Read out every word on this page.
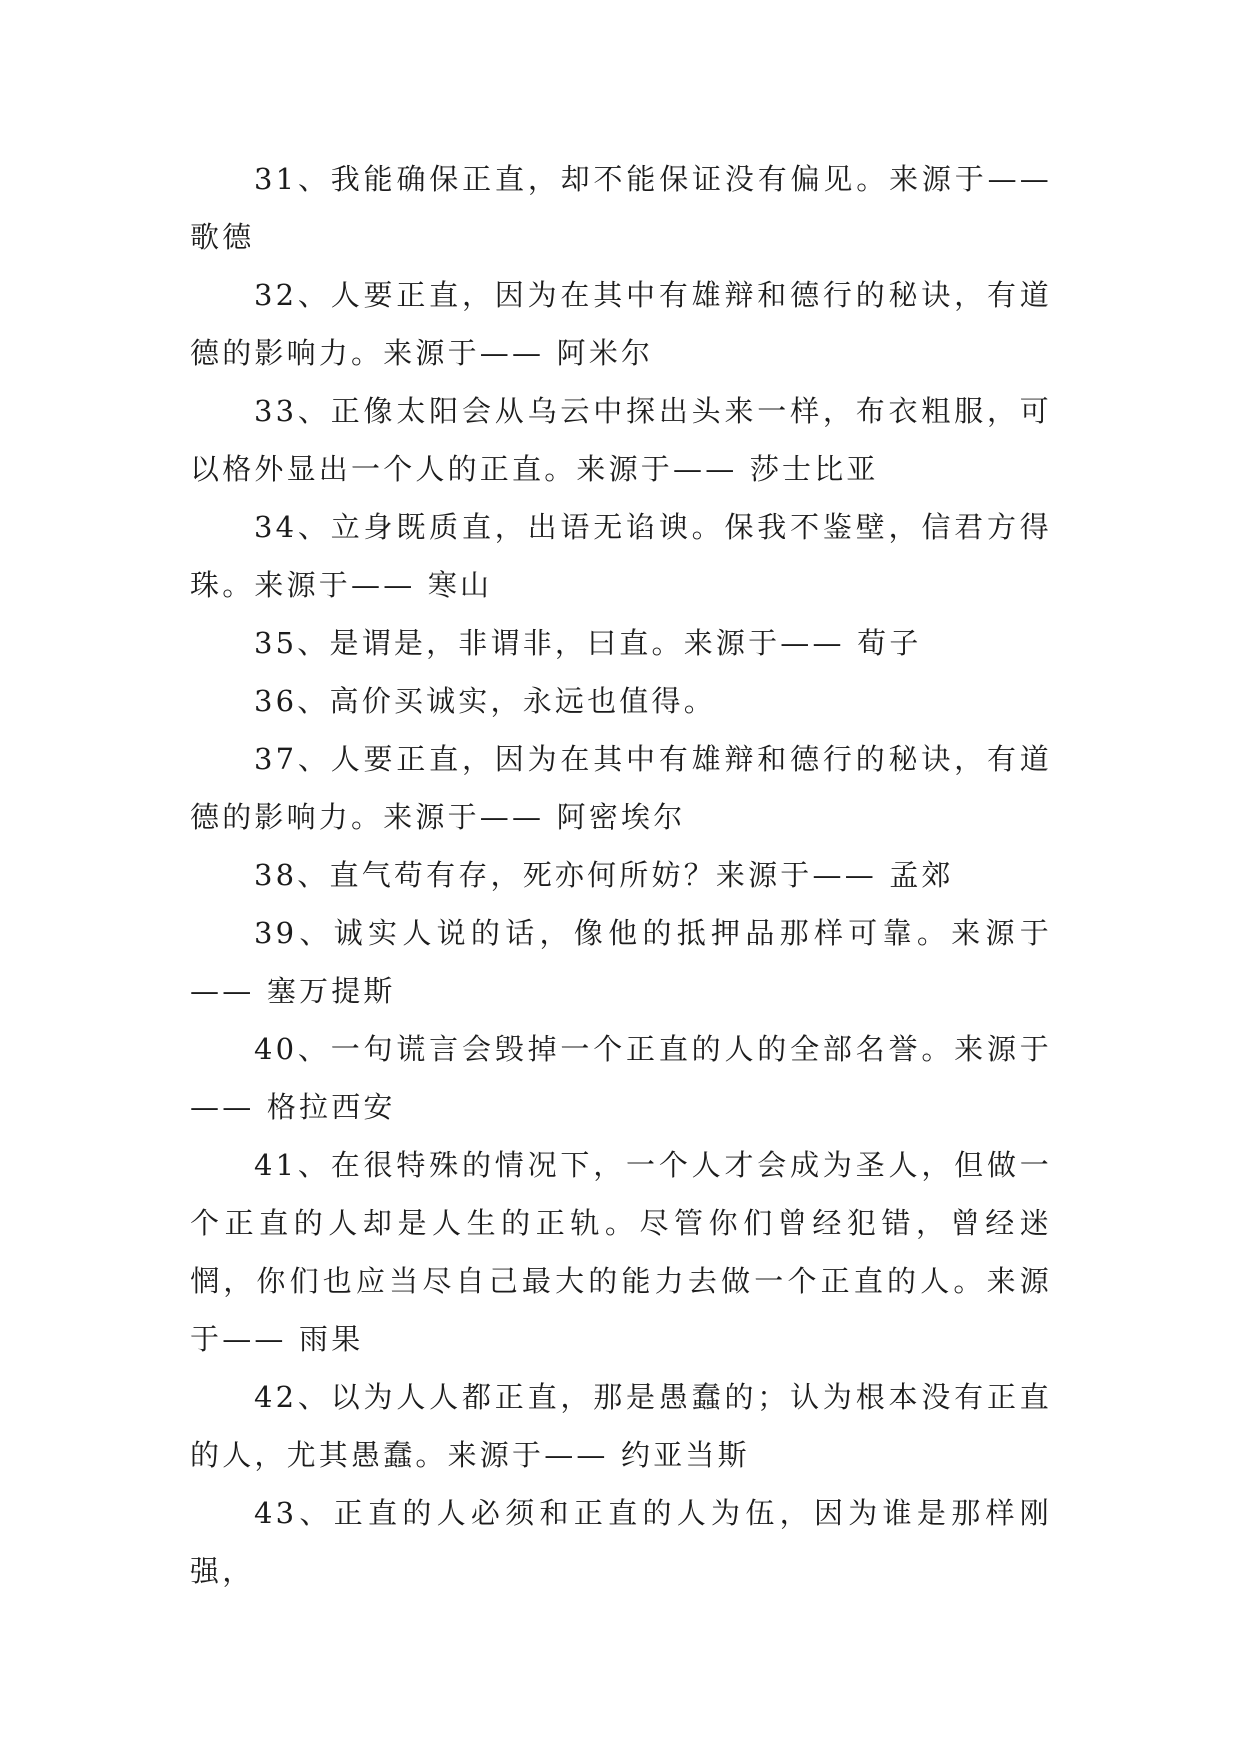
31、我能确保正直，却不能保证没有偏见。来源于—— 歌德

32、人要正直，因为在其中有雄辩和德行的秘诀，有道德的影响力。来源于—— 阿米尔

33、正像太阳会从乌云中探出头来一样，布衣粗服，可以格外显出一个人的正直。来源于—— 莎士比亚

34、立身既质直，出语无谄谀。保我不鉴壁，信君方得珠。来源于—— 寒山

35、是谓是，非谓非，曰直。来源于—— 荀子

36、高价买诚实，永远也值得。

37、人要正直，因为在其中有雄辩和德行的秘诀，有道德的影响力。来源于—— 阿密埃尔

38、直气苟有存，死亦何所妨？来源于—— 孟郊

39、诚实人说的话，像他的抵押品那样可靠。来源于—— 塞万提斯

40、一句谎言会毁掉一个正直的人的全部名誉。来源于—— 格拉西安

41、在很特殊的情况下，一个人才会成为圣人，但做一个正直的人却是人生的正轨。尽管你们曾经犯错，曾经迷惘，你们也应当尽自己最大的能力去做一个正直的人。来源于—— 雨果

42、以为人人都正直，那是愚蠢的；认为根本没有正直的人，尤其愚蠢。来源于—— 约亚当斯

43、正直的人必须和正直的人为伍，因为谁是那样刚强，
